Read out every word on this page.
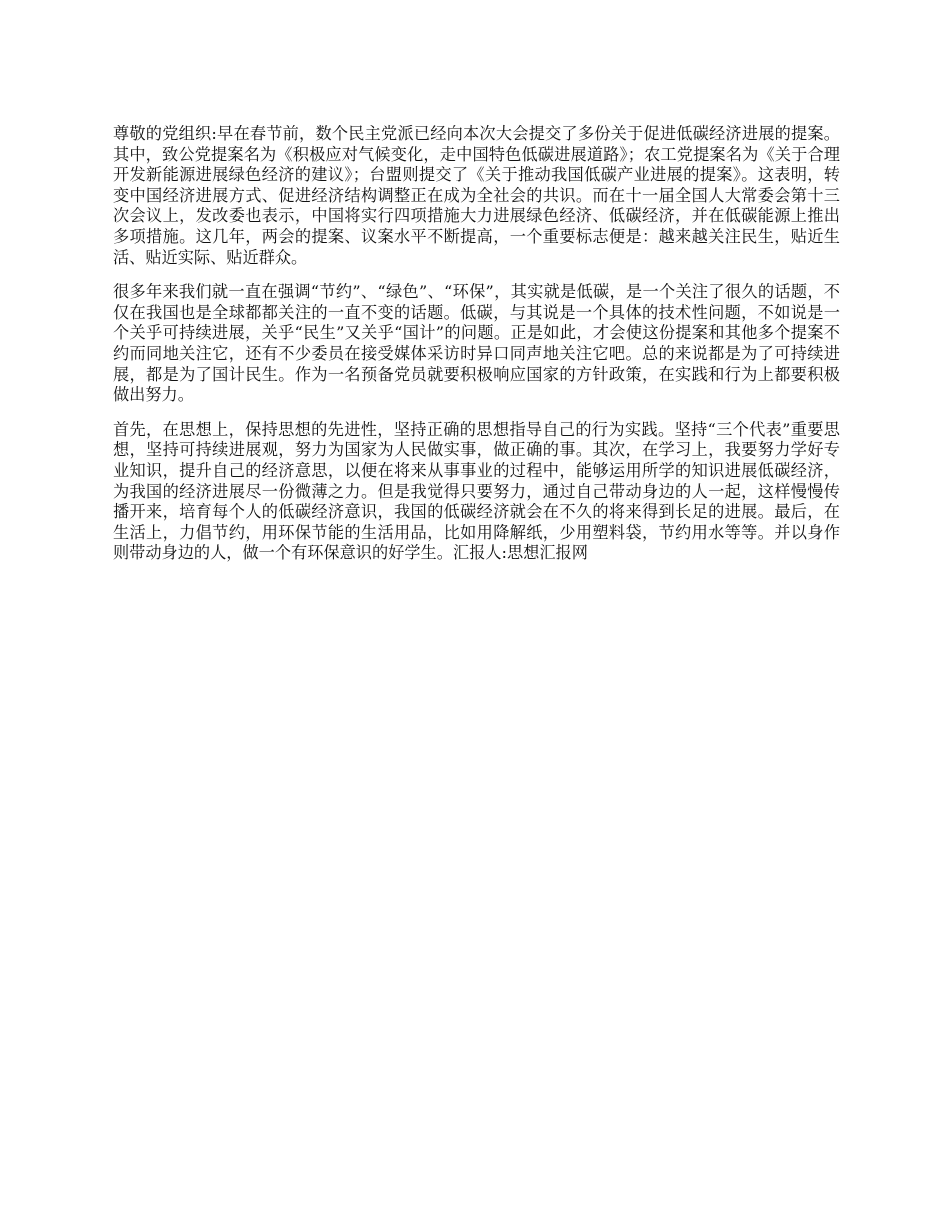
尊敬的党组织:早在春节前，数个民主党派已经向本次大会提交了多份关于促进低碳经济进展的提案。其中，致公党提案名为《积极应对气候变化，走中国特色低碳进展道路》；农工党提案名为《关于合理开发新能源进展绿色经济的建议》；台盟则提交了《关于推动我国低碳产业进展的提案》。这表明，转变中国经济进展方式、促进经济结构调整正在成为全社会的共识。而在十一届全国人大常委会第十三次会议上，发改委也表示，中国将实行四项措施大力进展绿色经济、低碳经济，并在低碳能源上推出多项措施。这几年，两会的提案、议案水平不断提高，一个重要标志便是：越来越关注民生，贴近生活、贴近实际、贴近群众。

很多年来我们就一直在强调“节约”、“绿色”、“环保”，其实就是低碳，是一个关注了很久的话题，不仅在我国也是全球都都关注的一直不变的话题。低碳，与其说是一个具体的技术性问题，不如说是一个关乎可持续进展，关乎“民生”又关乎“国计”的问题。正是如此，才会使这份提案和其他多个提案不约而同地关注它，还有不少委员在接受媒体采访时异口同声地关注它吧。总的来说都是为了可持续进展，都是为了国计民生。作为一名预备党员就要积极响应国家的方针政策，在实践和行为上都要积极做出努力。

首先，在思想上，保持思想的先进性，坚持正确的思想指导自己的行为实践。坚持“三个代表”重要思想，坚持可持续进展观，努力为国家为人民做实事，做正确的事。其次，在学习上，我要努力学好专业知识，提升自己的经济意思，以便在将来从事事业的过程中，能够运用所学的知识进展低碳经济，为我国的经济进展尽一份微薄之力。但是我觉得只要努力，通过自己带动身边的人一起，这样慢慢传播开来，培育每个人的低碳经济意识，我国的低碳经济就会在不久的将来得到长足的进展。最后，在生活上，力倡节约，用环保节能的生活用品，比如用降解纸，少用塑料袋，节约用水等等。并以身作则带动身边的人，做一个有环保意识的好学生。汇报人:思想汇报网
